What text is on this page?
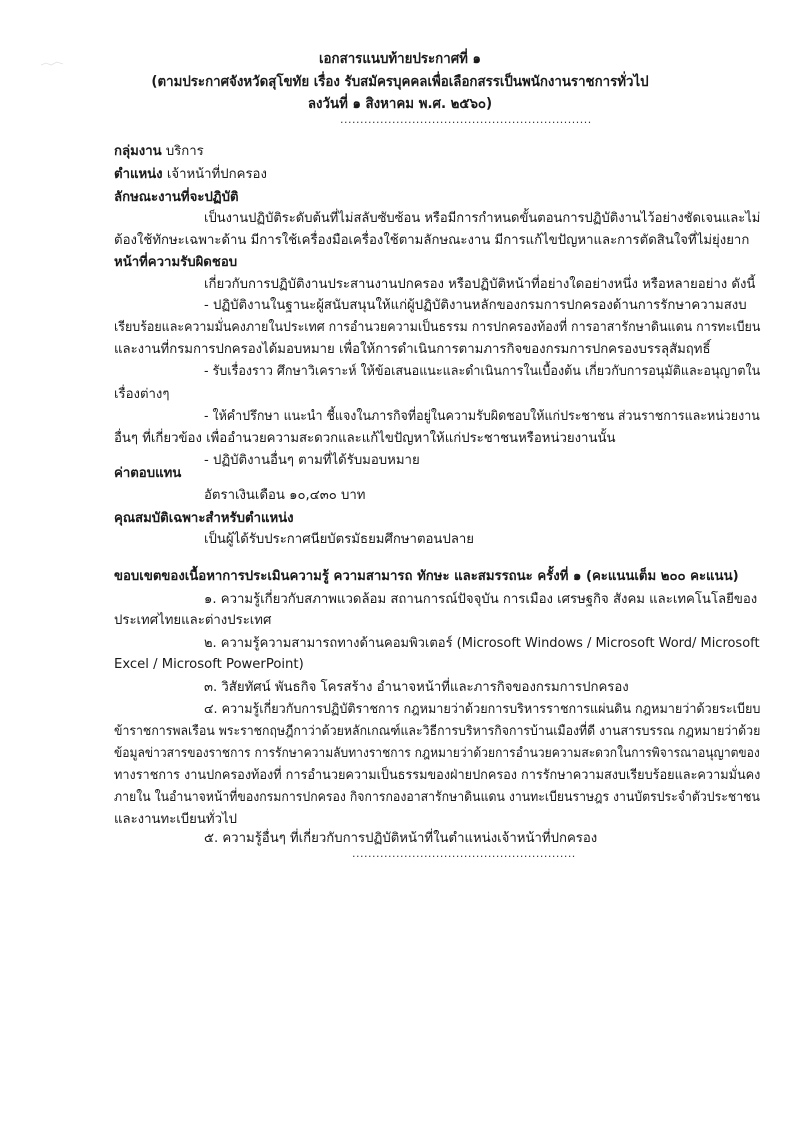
เอกสารแนบท้ายประกาศที่ ๑
(ตามประกาศจังหวัดสุโขทัย เรื่อง รับสมัครบุคคลเพื่อเลือกสรรเป็นพนักงานราชการทั่วไป
ลงวันที่ ๑ สิงหาคม พ.ศ. ๒๕๖๐)
...............................................................
กลุ่มงาน บริการ
ตำแหน่ง เจ้าหน้าที่ปกครอง
ลักษณะงานที่จะปฏิบัติ
เป็นงานปฏิบัติระดับต้นที่ไม่สลับซับซ้อน หรือมีการกำหนดขั้นตอนการปฏิบัติงานไว้อย่างชัดเจนและไม่
ต้องใช้ทักษะเฉพาะด้าน มีการใช้เครื่องมือเครื่องใช้ตามลักษณะงาน มีการแก้ไขปัญหาและการตัดสินใจที่ไม่ยุ่งยาก
หน้าที่ความรับผิดชอบ
เกี่ยวกับการปฏิบัติงานประสานงานปกครอง หรือปฏิบัติหน้าที่อย่างใดอย่างหนึ่ง หรือหลายอย่าง ดังนี้
- ปฏิบัติงานในฐานะผู้สนับสนุนให้แก่ผู้ปฏิบัติงานหลักของกรมการปกครองด้านการรักษาความสงบ
เรียบร้อยและความมั่นคงภายในประเทศ การอำนวยความเป็นธรรม การปกครองท้องที่ การอาสารักษาดินแดน การทะเบียน
และงานที่กรมการปกครองได้มอบหมาย เพื่อให้การดำเนินการตามภารกิจของกรมการปกครองบรรลุสัมฤทธิ์
- รับเรื่องราว ศึกษาวิเคราะห์ ให้ข้อเสนอแนะและดำเนินการในเบื้องต้น เกี่ยวกับการอนุมัติและอนุญาตใน
เรื่องต่างๆ
- ให้คำปรึกษา แนะนำ ชี้แจงในภารกิจที่อยู่ในความรับผิดชอบให้แก่ประชาชน ส่วนราชการและหน่วยงาน
อื่นๆ ที่เกี่ยวข้อง เพื่ออำนวยความสะดวกและแก้ไขปัญหาให้แก่ประชาชนหรือหน่วยงานนั้น
- ปฏิบัติงานอื่นๆ ตามที่ได้รับมอบหมาย
ค่าตอบแทน
อัตราเงินเดือน ๑๐,๔๓๐ บาท
คุณสมบัติเฉพาะสำหรับตำแหน่ง
เป็นผู้ได้รับประกาศนียบัตรมัธยมศึกษาตอนปลาย
ขอบเขตของเนื้อหาการประเมินความรู้ ความสามารถ ทักษะ และสมรรถนะ ครั้งที่ ๑ (คะแนนเต็ม ๒๐๐ คะแนน)
๑. ความรู้เกี่ยวกับสภาพแวดล้อม สถานการณ์ปัจจุบัน การเมือง เศรษฐกิจ สังคม และเทคโนโลยีของ
ประเทศไทยและต่างประเทศ
๒. ความรู้ความสามารถทางด้านคอมพิวเตอร์ (Microsoft Windows / Microsoft Word/ Microsoft
Excel / Microsoft PowerPoint)
๓. วิสัยทัศน์ พันธกิจ โครสร้าง อำนาจหน้าที่และภารกิจของกรมการปกครอง
๔. ความรู้เกี่ยวกับการปฏิบัติราชการ กฎหมายว่าด้วยการบริหารราชการแผ่นดิน กฎหมายว่าด้วยระเบียบ
ข้าราชการพลเรือน พระราชกฤษฎีกาว่าด้วยหลักเกณฑ์และวิธีการบริหารกิจการบ้านเมืองที่ดี งานสารบรรณ กฎหมายว่าด้วย
ข้อมูลข่าวสารของราชการ การรักษาความลับทางราชการ กฎหมายว่าด้วยการอำนวยความสะดวกในการพิจารณาอนุญาตของ
ทางราชการ งานปกครองท้องที่ การอำนวยความเป็นธรรมของฝ่ายปกครอง การรักษาความสงบเรียบร้อยและความมั่นคง
ภายใน ในอำนาจหน้าที่ของกรมการปกครอง กิจการกองอาสารักษาดินแดน งานทะเบียนราษฎร งานบัตรประจำตัวประชาชน
และงานทะเบียนทั่วไป
๕. ความรู้อื่นๆ ที่เกี่ยวกับการปฏิบัติหน้าที่ในตำแหน่งเจ้าหน้าที่ปกครอง
........................................................
